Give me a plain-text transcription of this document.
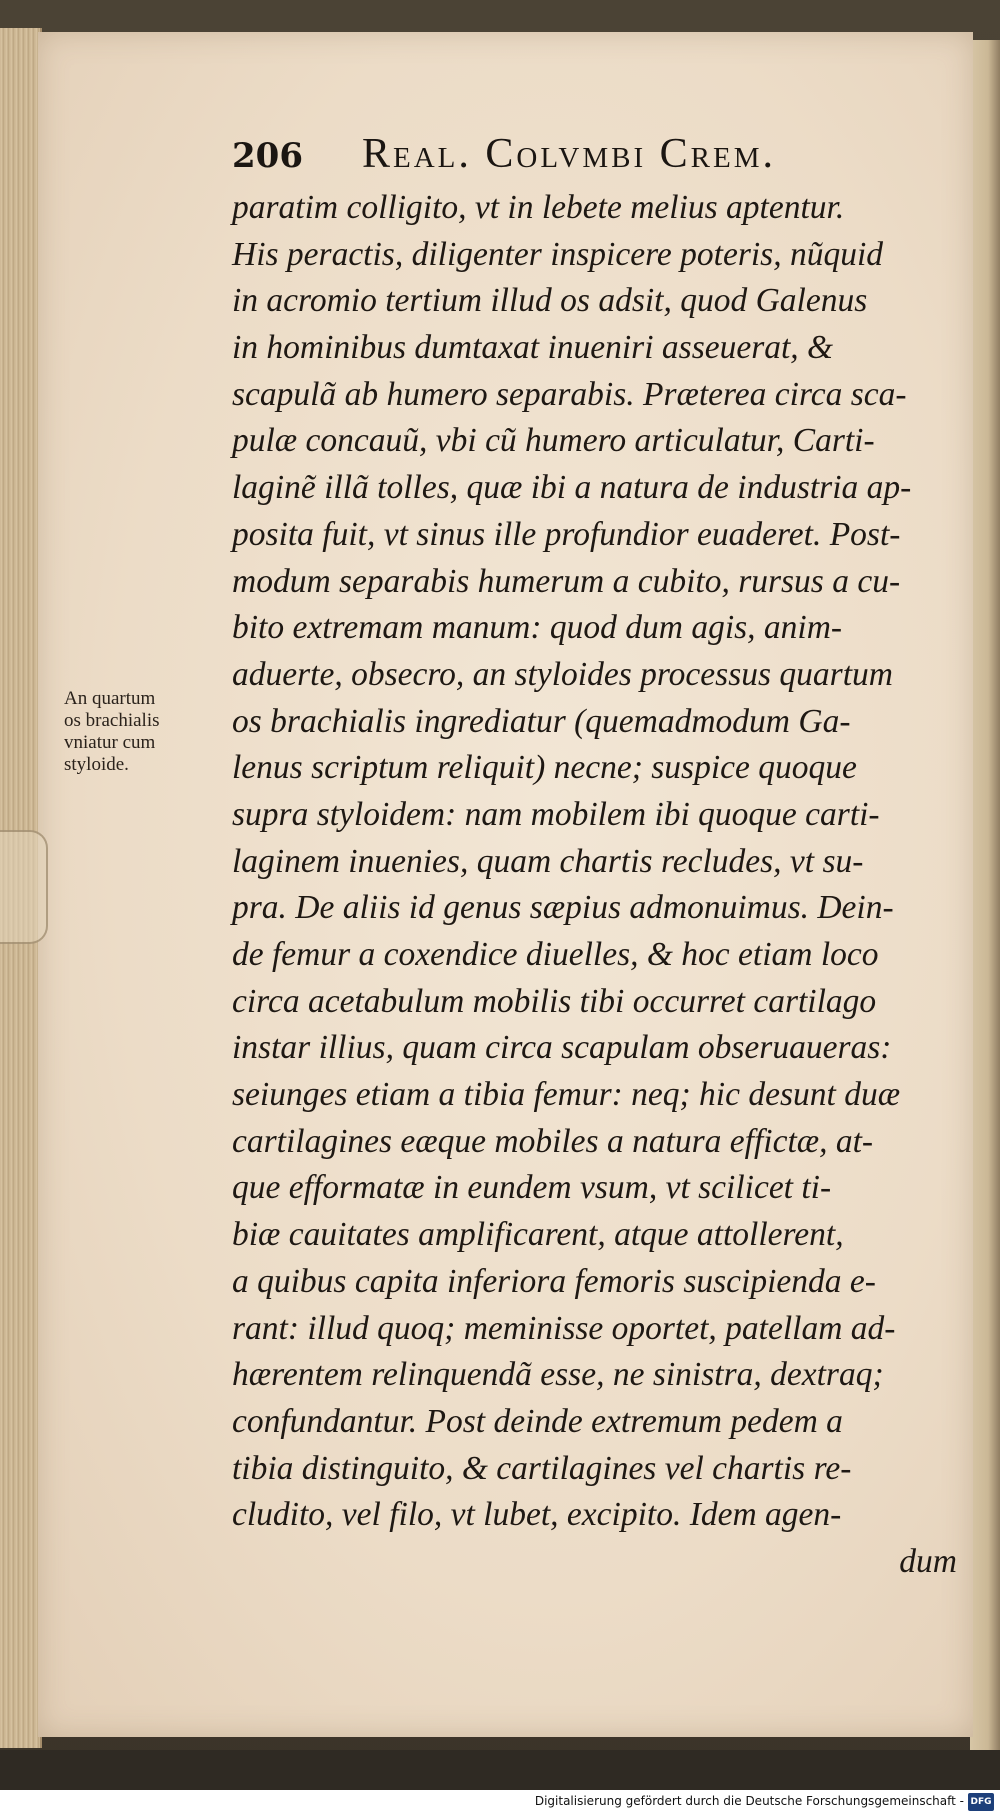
206 Real. Colvmbi Crem.
An quartum
os brachialis
vniatur cum
styloide.
paratim colligito, vt in lebete melius aptentur.
His peractis, diligenter inspicere poteris, nũquid
in acromio tertium illud os adsit, quod Galenus
in hominibus dumtaxat inueniri asseuerat, &
scapulã ab humero separabis. Præterea circa sca-
pulæ concauũ, vbi cũ humero articulatur, Carti-
laginẽ illã tolles, quæ ibi a natura de industria ap-
posita fuit, vt sinus ille profundior euaderet. Post-
modum separabis humerum a cubito, rursus a cu-
bito extremam manum: quod dum agis, anim-
aduerte, obsecro, an styloides processus quartum
os brachialis ingrediatur (quemadmodum Ga-
lenus scriptum reliquit) necne; suspice quoque
supra styloidem: nam mobilem ibi quoque carti-
laginem inuenies, quam chartis recludes, vt su-
pra. De aliis id genus sæpius admonuimus. Dein-
de femur a coxendice diuelles, & hoc etiam loco
circa acetabulum mobilis tibi occurret cartilago
instar illius, quam circa scapulam obseruaueras:
seiunges etiam a tibia femur: neq; hic desunt duæ
cartilagines eæque mobiles a natura effictæ, at-
que efformatæ in eundem vsum, vt scilicet ti-
biæ cauitates amplificarent, atque attollerent,
a quibus capita inferiora femoris suscipienda e-
rant: illud quoq; meminisse oportet, patellam ad-
hærentem relinquendã esse, ne sinistra, dextraq;
confundantur. Post deinde extremum pedem a
tibia distinguito, & cartilagines vel chartis re-
cludito, vel filo, vt lubet, excipito. Idem agen-
dum
Digitalisierung gefördert durch die Deutsche Forschungsgemeinschaft - DFG
